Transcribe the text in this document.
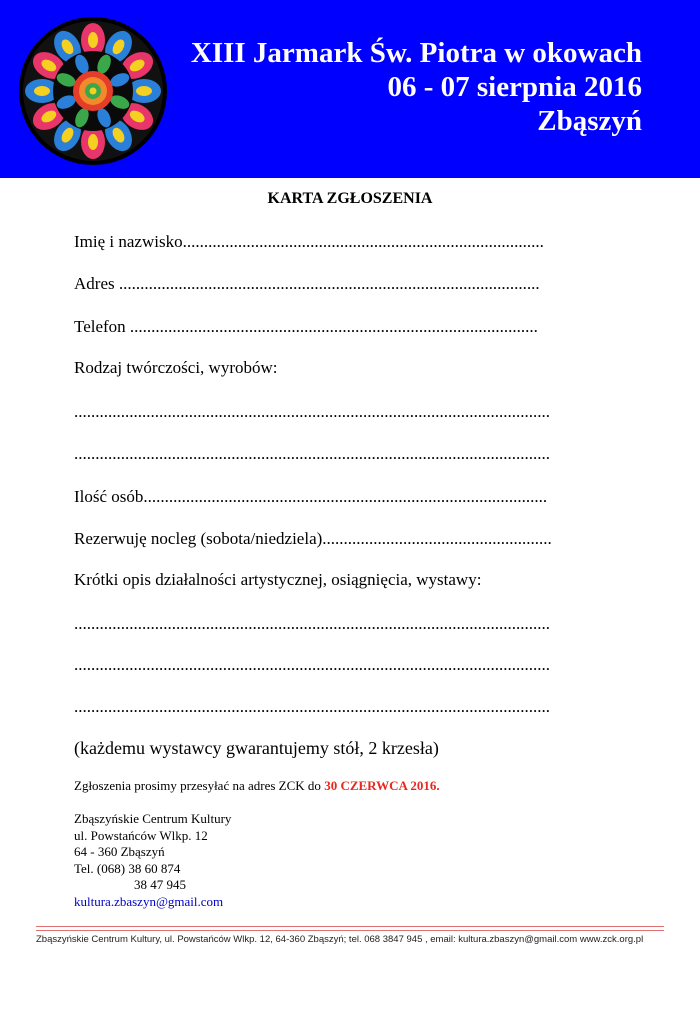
XIII Jarmark Św. Piotra w okowach
06 - 07 sierpnia 2016
Zbąszyń
KARTA ZGŁOSZENIA
Imię i nazwisko.....................................................................................
Adres ...................................................................................................
Telefon ................................................................................................
Rodzaj twórczości, wyrobów:
................................................................................................................
................................................................................................................
Ilość osób...............................................................................................
Rezerwuję nocleg (sobota/niedziela)......................................................
Krótki opis działalności artystycznej, osiągnięcia, wystawy:
................................................................................................................
................................................................................................................
................................................................................................................
(każdemu wystawcy gwarantujemy stół, 2 krzesła)
Zgłoszenia prosimy przesyłać na adres ZCK do 30 CZERWCA 2016.
Zbąszyńskie Centrum Kultury
ul. Powstańców Wlkp. 12
64 - 360 Zbąszyń
Tel. (068) 38 60 874
38 47 945
kultura.zbaszyn@gmail.com
Zbąszyńskie Centrum Kultury, ul. Powstańców Wlkp. 12, 64-360 Zbąszyń; tel. 068 3847 945 , email: kultura.zbaszyn@gmail.com www.zck.org.pl
